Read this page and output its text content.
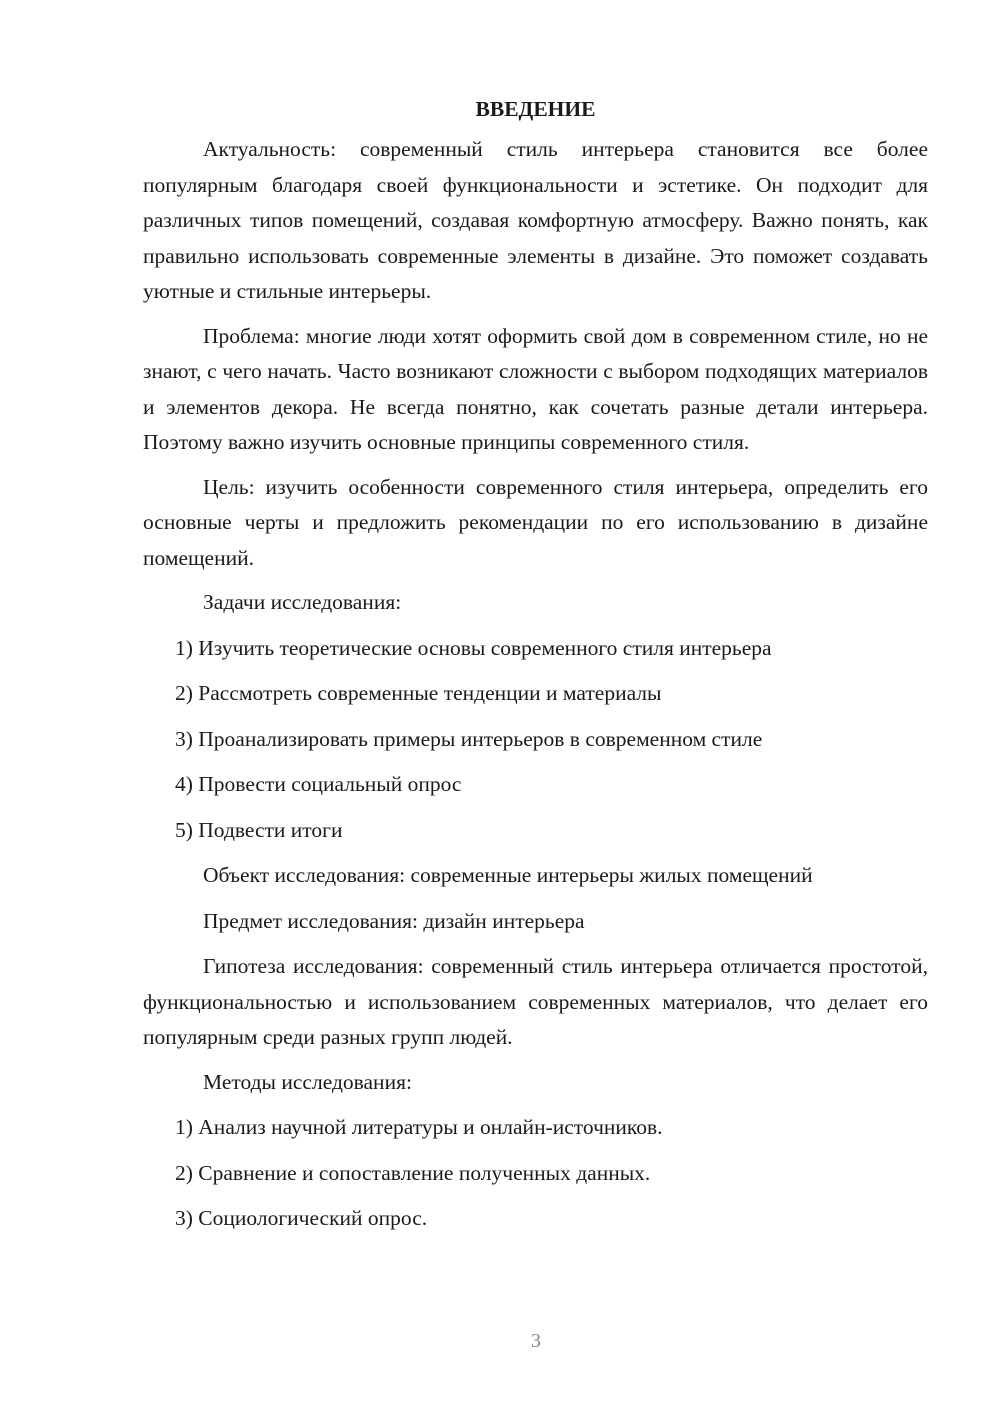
ВВЕДЕНИЕ

Актуальность: современный стиль интерьера становится все более популярным благодаря своей функциональности и эстетике. Он подходит для различных типов помещений, создавая комфортную атмосферу. Важно понять, как правильно использовать современные элементы в дизайне. Это поможет создавать уютные и стильные интерьеры.

Проблема: многие люди хотят оформить свой дом в современном стиле, но не знают, с чего начать. Часто возникают сложности с выбором подходящих материалов и элементов декора. Не всегда понятно, как сочетать разные детали интерьера. Поэтому важно изучить основные принципы современного стиля.

Цель: изучить особенности современного стиля интерьера, определить его основные черты и предложить рекомендации по его использованию в дизайне помещений.

Задачи исследования:
1) Изучить теоретические основы современного стиля интерьера
2) Рассмотреть современные тенденции и материалы
3) Проанализировать примеры интерьеров в современном стиле
4) Провести социальный опрос
5) Подвести итоги
Объект исследования: современные интерьеры жилых помещений
Предмет исследования: дизайн интерьера

Гипотеза исследования: современный стиль интерьера отличается простотой, функциональностью и использованием современных материалов, что делает его популярным среди разных групп людей.

Методы исследования:
1) Анализ научной литературы и онлайн-источников.
2) Сравнение и сопоставление полученных данных.
3) Социологический опрос.
3
